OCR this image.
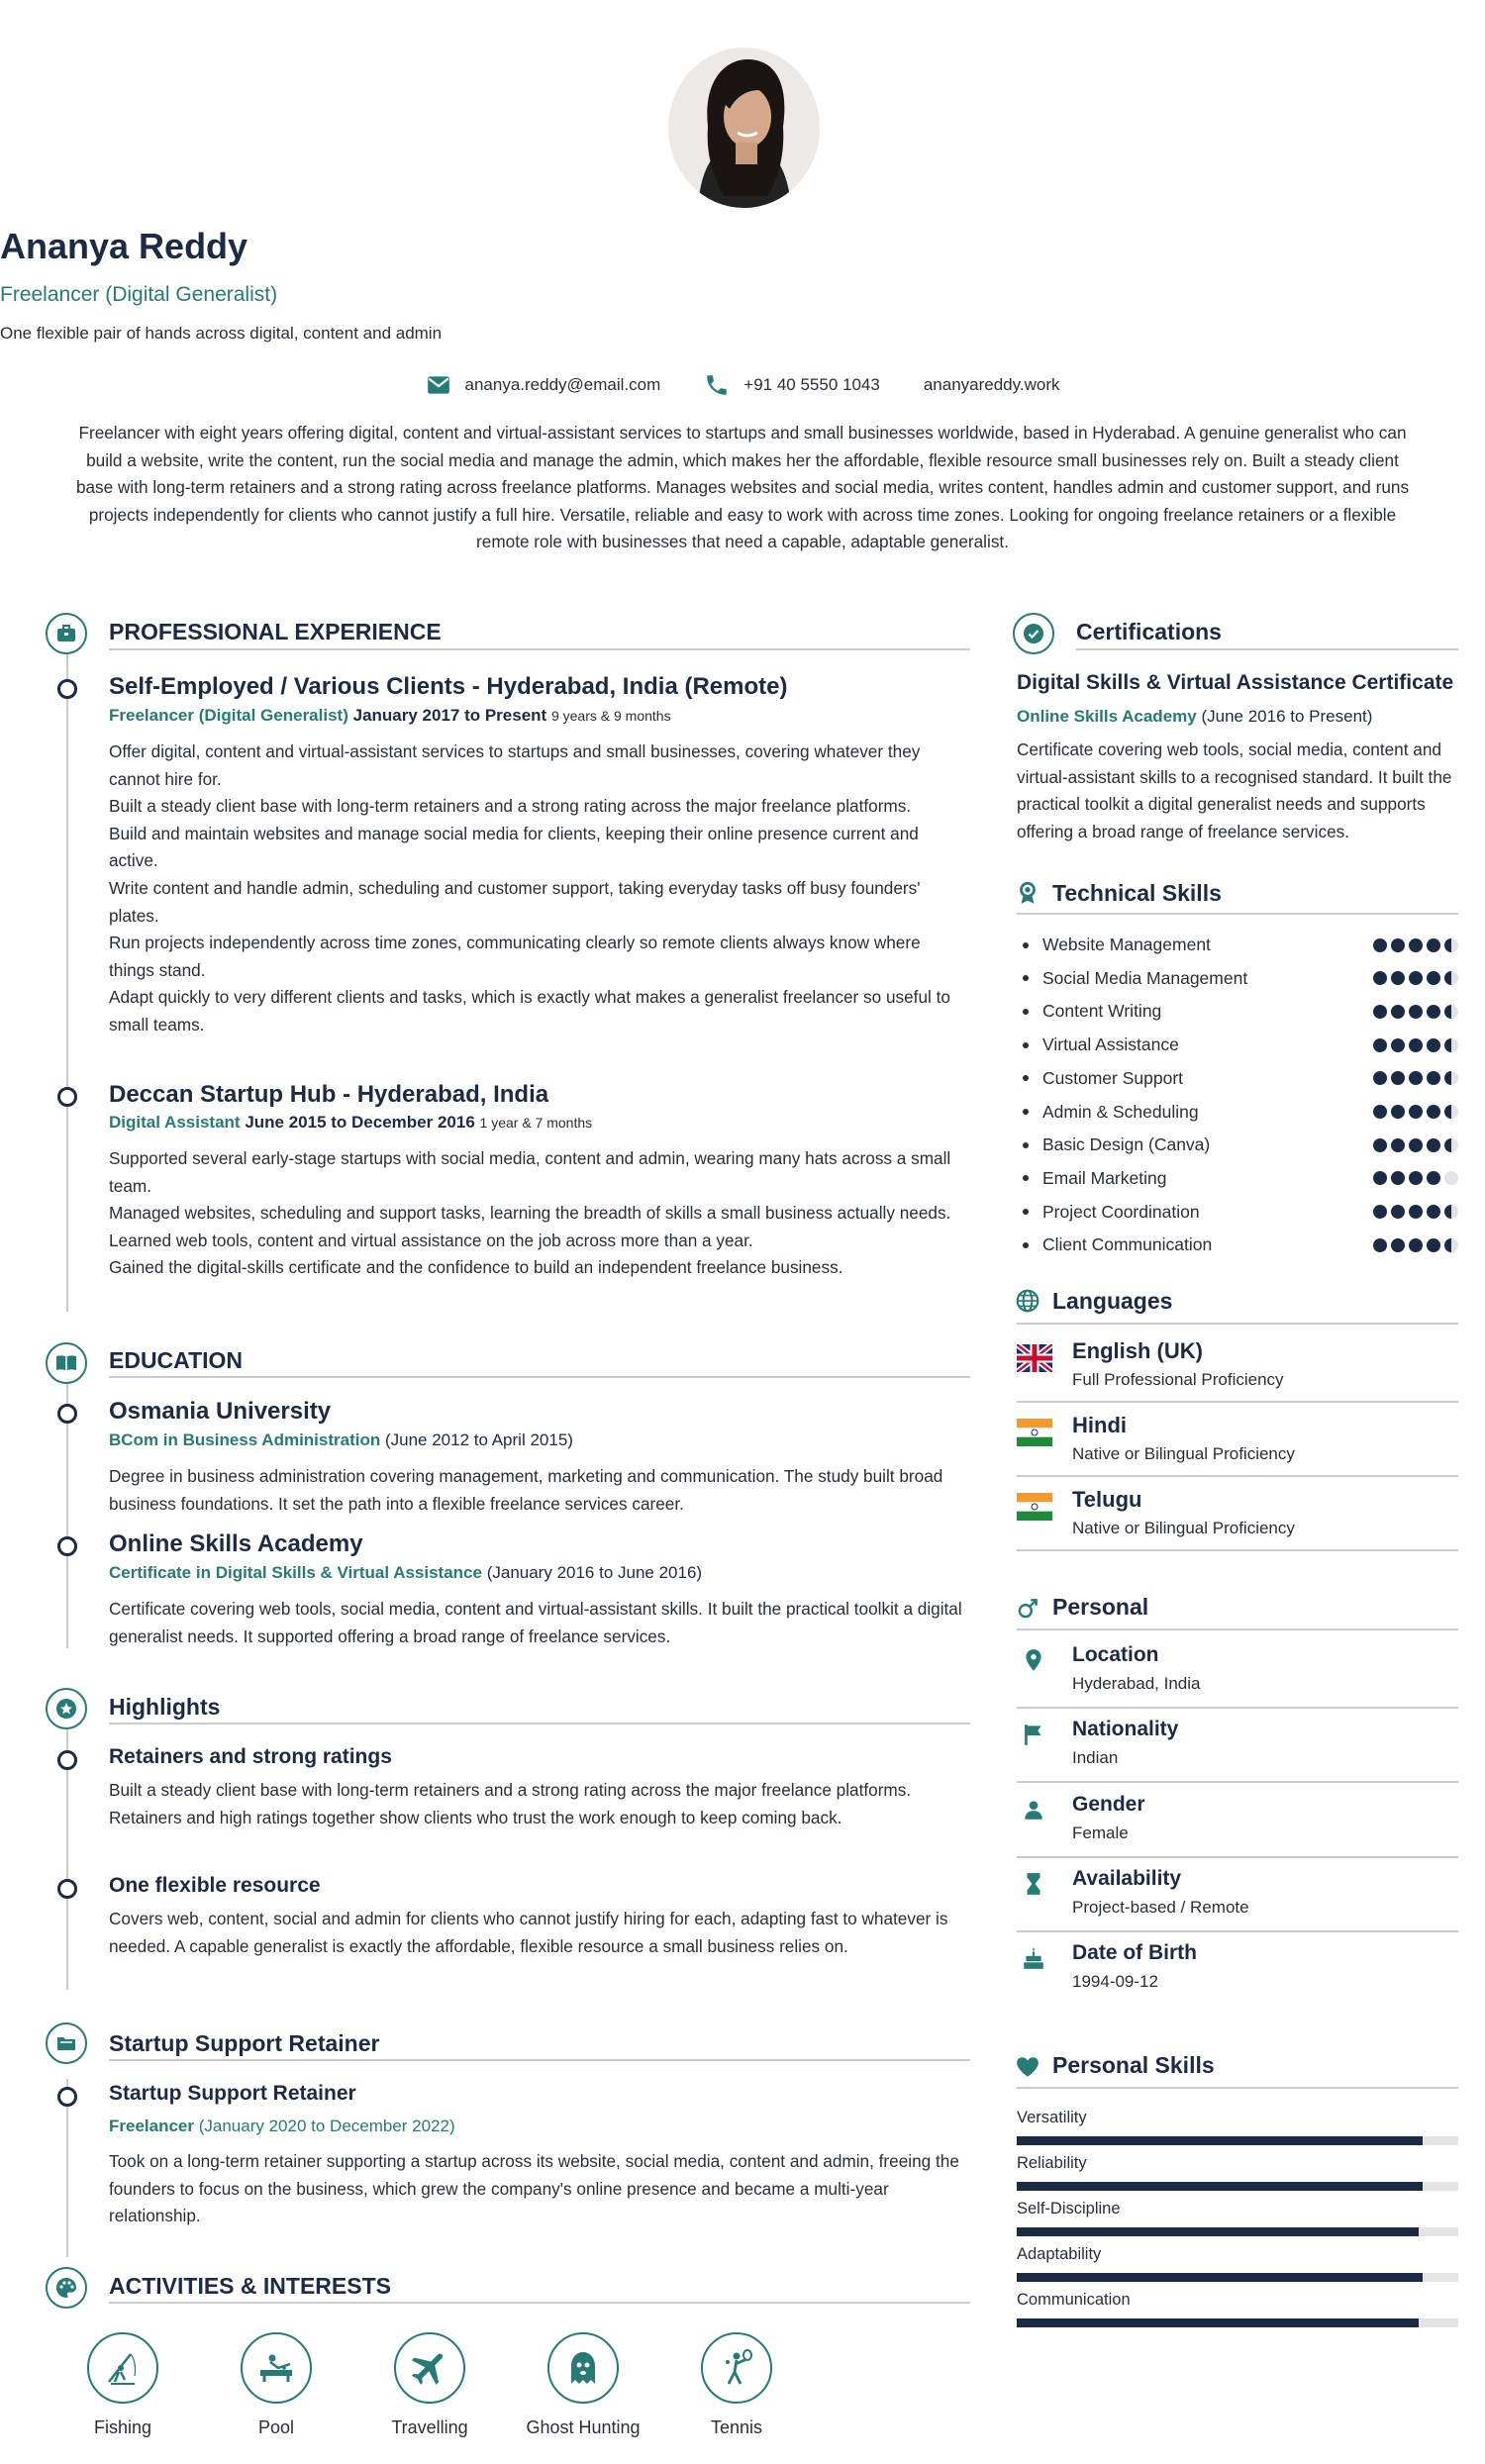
Ananya Reddy
Freelancer (Digital Generalist)
One flexible pair of hands across digital, content and admin
ananya.reddy@email.com	+91 40 5550 1043	ananyareddy.work
Freelancer with eight years offering digital, content and virtual-assistant services to startups and small businesses worldwide, based in Hyderabad. A genuine generalist who can build a website, write the content, run the social media and manage the admin, which makes her the affordable, flexible resource small businesses rely on. Built a steady client base with long-term retainers and a strong rating across freelance platforms. Manages websites and social media, writes content, handles admin and customer support, and runs projects independently for clients who cannot justify a full hire. Versatile, reliable and easy to work with across time zones. Looking for ongoing freelance retainers or a flexible remote role with businesses that need a capable, adaptable generalist.
PROFESSIONAL EXPERIENCE
Self-Employed / Various Clients - Hyderabad, India (Remote)
Freelancer (Digital Generalist) January 2017 to Present 9 years & 9 months
Offer digital, content and virtual-assistant services to startups and small businesses, covering whatever they cannot hire for.
Built a steady client base with long-term retainers and a strong rating across the major freelance platforms.
Build and maintain websites and manage social media for clients, keeping their online presence current and active.
Write content and handle admin, scheduling and customer support, taking everyday tasks off busy founders' plates.
Run projects independently across time zones, communicating clearly so remote clients always know where things stand.
Adapt quickly to very different clients and tasks, which is exactly what makes a generalist freelancer so useful to small teams.
Deccan Startup Hub - Hyderabad, India
Digital Assistant June 2015 to December 2016 1 year & 7 months
Supported several early-stage startups with social media, content and admin, wearing many hats across a small team.
Managed websites, scheduling and support tasks, learning the breadth of skills a small business actually needs.
Learned web tools, content and virtual assistance on the job across more than a year.
Gained the digital-skills certificate and the confidence to build an independent freelance business.
EDUCATION
Osmania University
BCom in Business Administration (June 2012 to April 2015)
Degree in business administration covering management, marketing and communication. The study built broad business foundations. It set the path into a flexible freelance services career.
Online Skills Academy
Certificate in Digital Skills & Virtual Assistance (January 2016 to June 2016)
Certificate covering web tools, social media, content and virtual-assistant skills. It built the practical toolkit a digital generalist needs. It supported offering a broad range of freelance services.
Highlights
Retainers and strong ratings
Built a steady client base with long-term retainers and a strong rating across the major freelance platforms. Retainers and high ratings together show clients who trust the work enough to keep coming back.
One flexible resource
Covers web, content, social and admin for clients who cannot justify hiring for each, adapting fast to whatever is needed. A capable generalist is exactly the affordable, flexible resource a small business relies on.
Startup Support Retainer
Startup Support Retainer
Freelancer (January 2020 to December 2022)
Took on a long-term retainer supporting a startup across its website, social media, content and admin, freeing the founders to focus on the business, which grew the company's online presence and became a multi-year relationship.
ACTIVITIES & INTERESTS
Fishing	Pool	Travelling	Ghost Hunting	Tennis
Certifications
Digital Skills & Virtual Assistance Certificate
Online Skills Academy (June 2016 to Present)
Certificate covering web tools, social media, content and virtual-assistant skills to a recognised standard. It built the practical toolkit a digital generalist needs and supports offering a broad range of freelance services.
Technical Skills
Website Management
Social Media Management
Content Writing
Virtual Assistance
Customer Support
Admin & Scheduling
Basic Design (Canva)
Email Marketing
Project Coordination
Client Communication
Languages
English (UK)
Full Professional Proficiency
Hindi
Native or Bilingual Proficiency
Telugu
Native or Bilingual Proficiency
Personal
Location
Hyderabad, India
Nationality
Indian
Gender
Female
Availability
Project-based / Remote
Date of Birth
1994-09-12
Personal Skills
Versatility
Reliability
Self-Discipline
Adaptability
Communication
